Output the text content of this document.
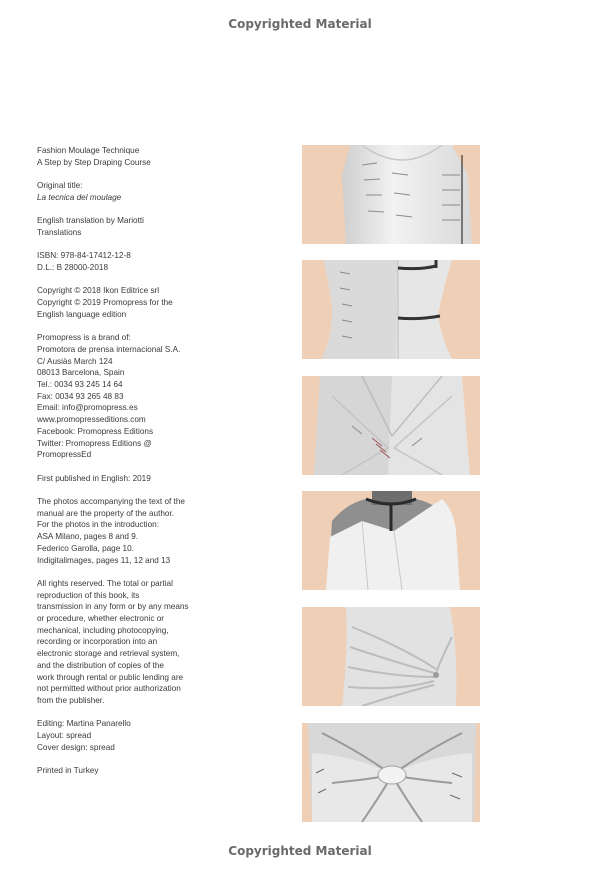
Copyrighted Material
Fashion Moulage Technique
A Step by Step Draping Course
Original title:
La tecnica del moulage
English translation by Mariotti
Translations
ISBN: 978-84-17412-12-8
D.L.: B 28000-2018
Copyright © 2018 Ikon Editrice srl
Copyright © 2019 Promopress for the
English language edition
Promopress is a brand of:
Promotora de prensa internacional S.A.
C/ Ausiàs March 124
08013 Barcelona, Spain
Tel.: 0034 93 245 14 64
Fax: 0034 93 265 48 83
Email: info@promopress.es
www.promopresseditions.com
Facebook: Promopress Editions
Twitter: Promopress Editions @
PromopressEd
First published in English: 2019
The photos accompanying the text of the
manual are the property of the author.
For the photos in the introduction:
ASA Milano, pages 8 and 9.
Federico Garolla, page 10.
Indigitalimages, pages 11, 12 and 13
All rights reserved. The total or partial
reproduction of this book, its
transmission in any form or by any means
or procedure, whether electronic or
mechanical, including photocopying,
recording or incorporation into an
electronic storage and retrieval system,
and the distribution of copies of the
work through rental or public lending are
not permitted without prior authorization
from the publisher.
Editing: Martina Panarello
Layout: spread
Cover design: spread
Printed in Turkey
Copyrighted Material
